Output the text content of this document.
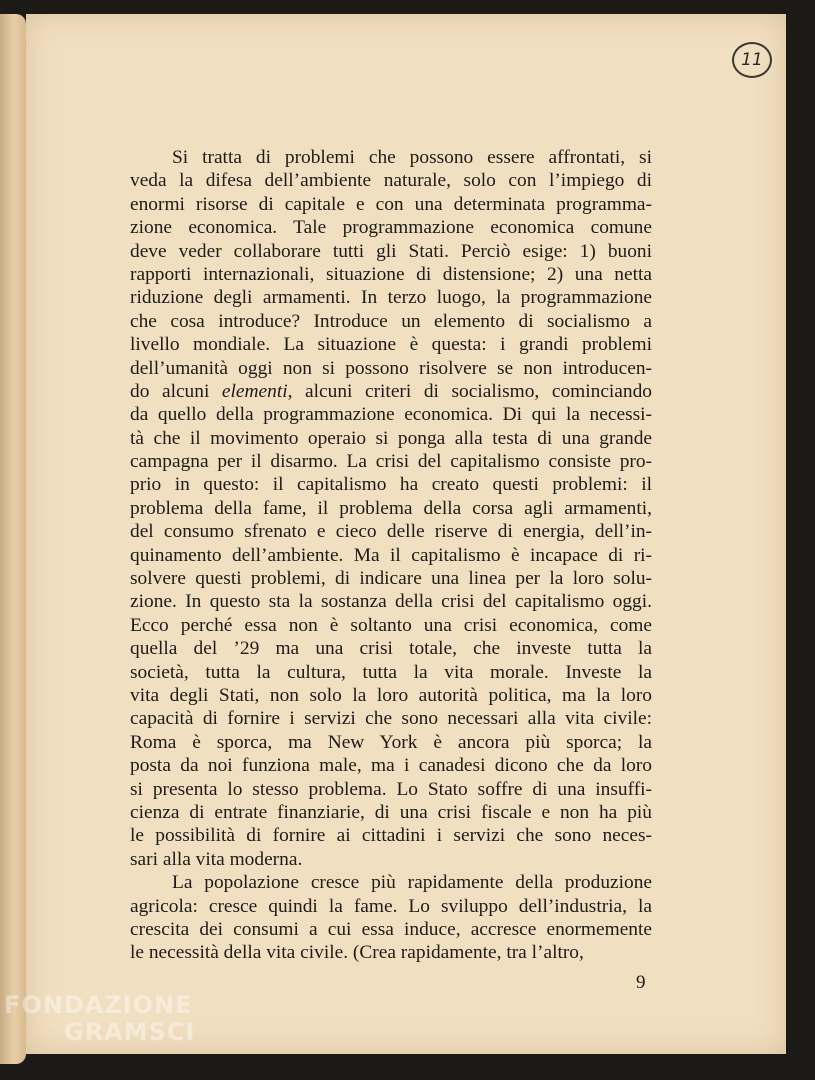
11
Si tratta di problemi che possono essere affrontati, si
veda la difesa dell’ambiente naturale, solo con l’impiego di
enormi risorse di capitale e con una determinata programma-
zione economica. Tale programmazione economica comune
deve veder collaborare tutti gli Stati. Perciò esige: 1) buoni
rapporti internazionali, situazione di distensione; 2) una netta
riduzione degli armamenti. In terzo luogo, la programmazione
che cosa introduce? Introduce un elemento di socialismo a
livello mondiale. La situazione è questa: i grandi problemi
dell’umanità oggi non si possono risolvere se non introducen-
do alcuni elementi, alcuni criteri di socialismo, cominciando
da quello della programmazione economica. Di qui la necessi-
tà che il movimento operaio si ponga alla testa di una grande
campagna per il disarmo. La crisi del capitalismo consiste pro-
prio in questo: il capitalismo ha creato questi problemi: il
problema della fame, il problema della corsa agli armamenti,
del consumo sfrenato e cieco delle riserve di energia, dell’in-
quinamento dell’ambiente. Ma il capitalismo è incapace di ri-
solvere questi problemi, di indicare una linea per la loro solu-
zione. In questo sta la sostanza della crisi del capitalismo oggi.
Ecco perché essa non è soltanto una crisi economica, come
quella del ’29 ma una crisi totale, che investe tutta la
società, tutta la cultura, tutta la vita morale. Investe la
vita degli Stati, non solo la loro autorità politica, ma la loro
capacità di fornire i servizi che sono necessari alla vita civile:
Roma è sporca, ma New York è ancora più sporca; la
posta da noi funziona male, ma i canadesi dicono che da loro
si presenta lo stesso problema. Lo Stato soffre di una insuffi-
cienza di entrate finanziarie, di una crisi fiscale e non ha più
le possibilità di fornire ai cittadini i servizi che sono neces-
sari alla vita moderna.
La popolazione cresce più rapidamente della produzione
agricola: cresce quindi la fame. Lo sviluppo dell’industria, la
crescita dei consumi a cui essa induce, accresce enormemente
le necessità della vita civile. (Crea rapidamente, tra l’altro,
9
FONDAZIONE
GRAMSCI
